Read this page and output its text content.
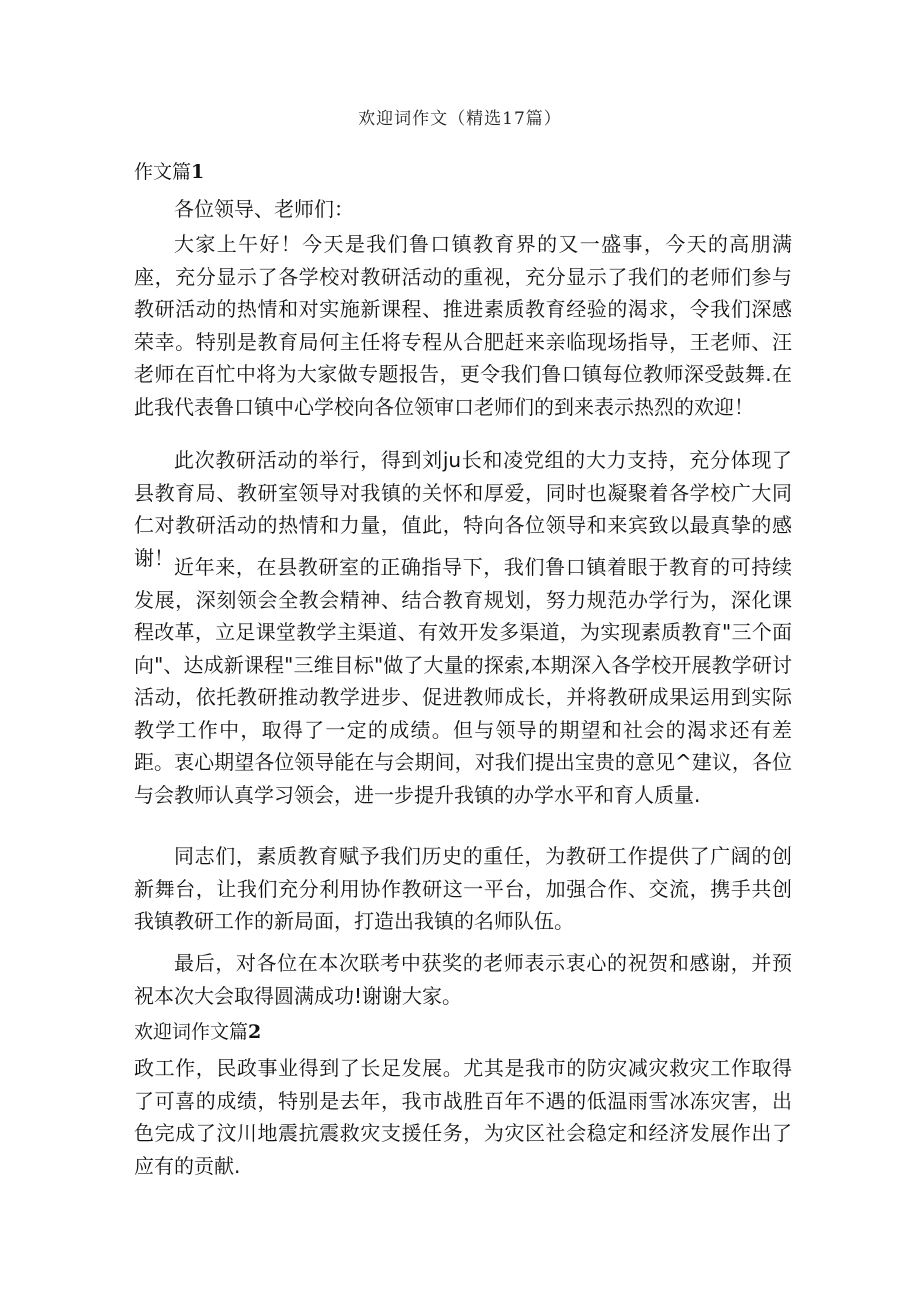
欢迎词作文（精选17篇）
作文篇1
各位领导、老师们：

大家上午好！今天是我们鲁口镇教育界的又一盛事，今天的高朋满座，充分显示了各学校对教研活动的重视，充分显示了我们的老师们参与教研活动的热情和对实施新课程、推进素质教育经验的渴求，令我们深感荣幸。特别是教育局何主任将专程从合肥赶来亲临现场指导，王老师、汪老师在百忙中将为大家做专题报告，更令我们鲁口镇每位教师深受鼓舞.在此我代表鲁口镇中心学校向各位领审口老师们的到来表示热烈的欢迎！

此次教研活动的举行，得到刘ju长和凌党组的大力支持，充分体现了县教育局、教研室领导对我镇的关怀和厚爱，同时也凝聚着各学校广大同仁对教研活动的热情和力量，值此，特向各位领导和来宾致以最真挚的感谢！ 近年来，在县教研室的正确指导下，我们鲁口镇着眼于教育的可持续发展，深刻领会全教会精神、结合教育规划，努力规范办学行为，深化课程改革，立足课堂教学主渠道、有效开发多渠道，为实现素质教育"三个面向"、达成新课程"三维目标"做了大量的探索,本期深入各学校开展教学研讨活动，依托教研推动教学进步、促进教师成长，并将教研成果运用到实际教学工作中，取得了一定的成绩。但与领导的期望和社会的渴求还有差距。衷心期望各位领导能在与会期间，对我们提出宝贵的意见^建议，各位与会教师认真学习领会，进一步提升我镇的办学水平和育人质量.

同志们，素质教育赋予我们历史的重任，为教研工作提供了广阔的创新舞台，让我们充分利用协作教研这一平台，加强合作、交流，携手共创我镇教研工作的新局面，打造出我镇的名师队伍。

最后，对各位在本次联考中获奖的老师表示衷心的祝贺和感谢，并预祝本次大会取得圆满成功!谢谢大家。

欢迎词作文篇2

政工作，民政事业得到了长足发展。尤其是我市的防灾减灾救灾工作取得了可喜的成绩，特别是去年，我市战胜百年不遇的低温雨雪冰冻灾害，出色完成了汶川地震抗震救灾支援任务，为灾区社会稳定和经济发展作出了应有的贡献.
